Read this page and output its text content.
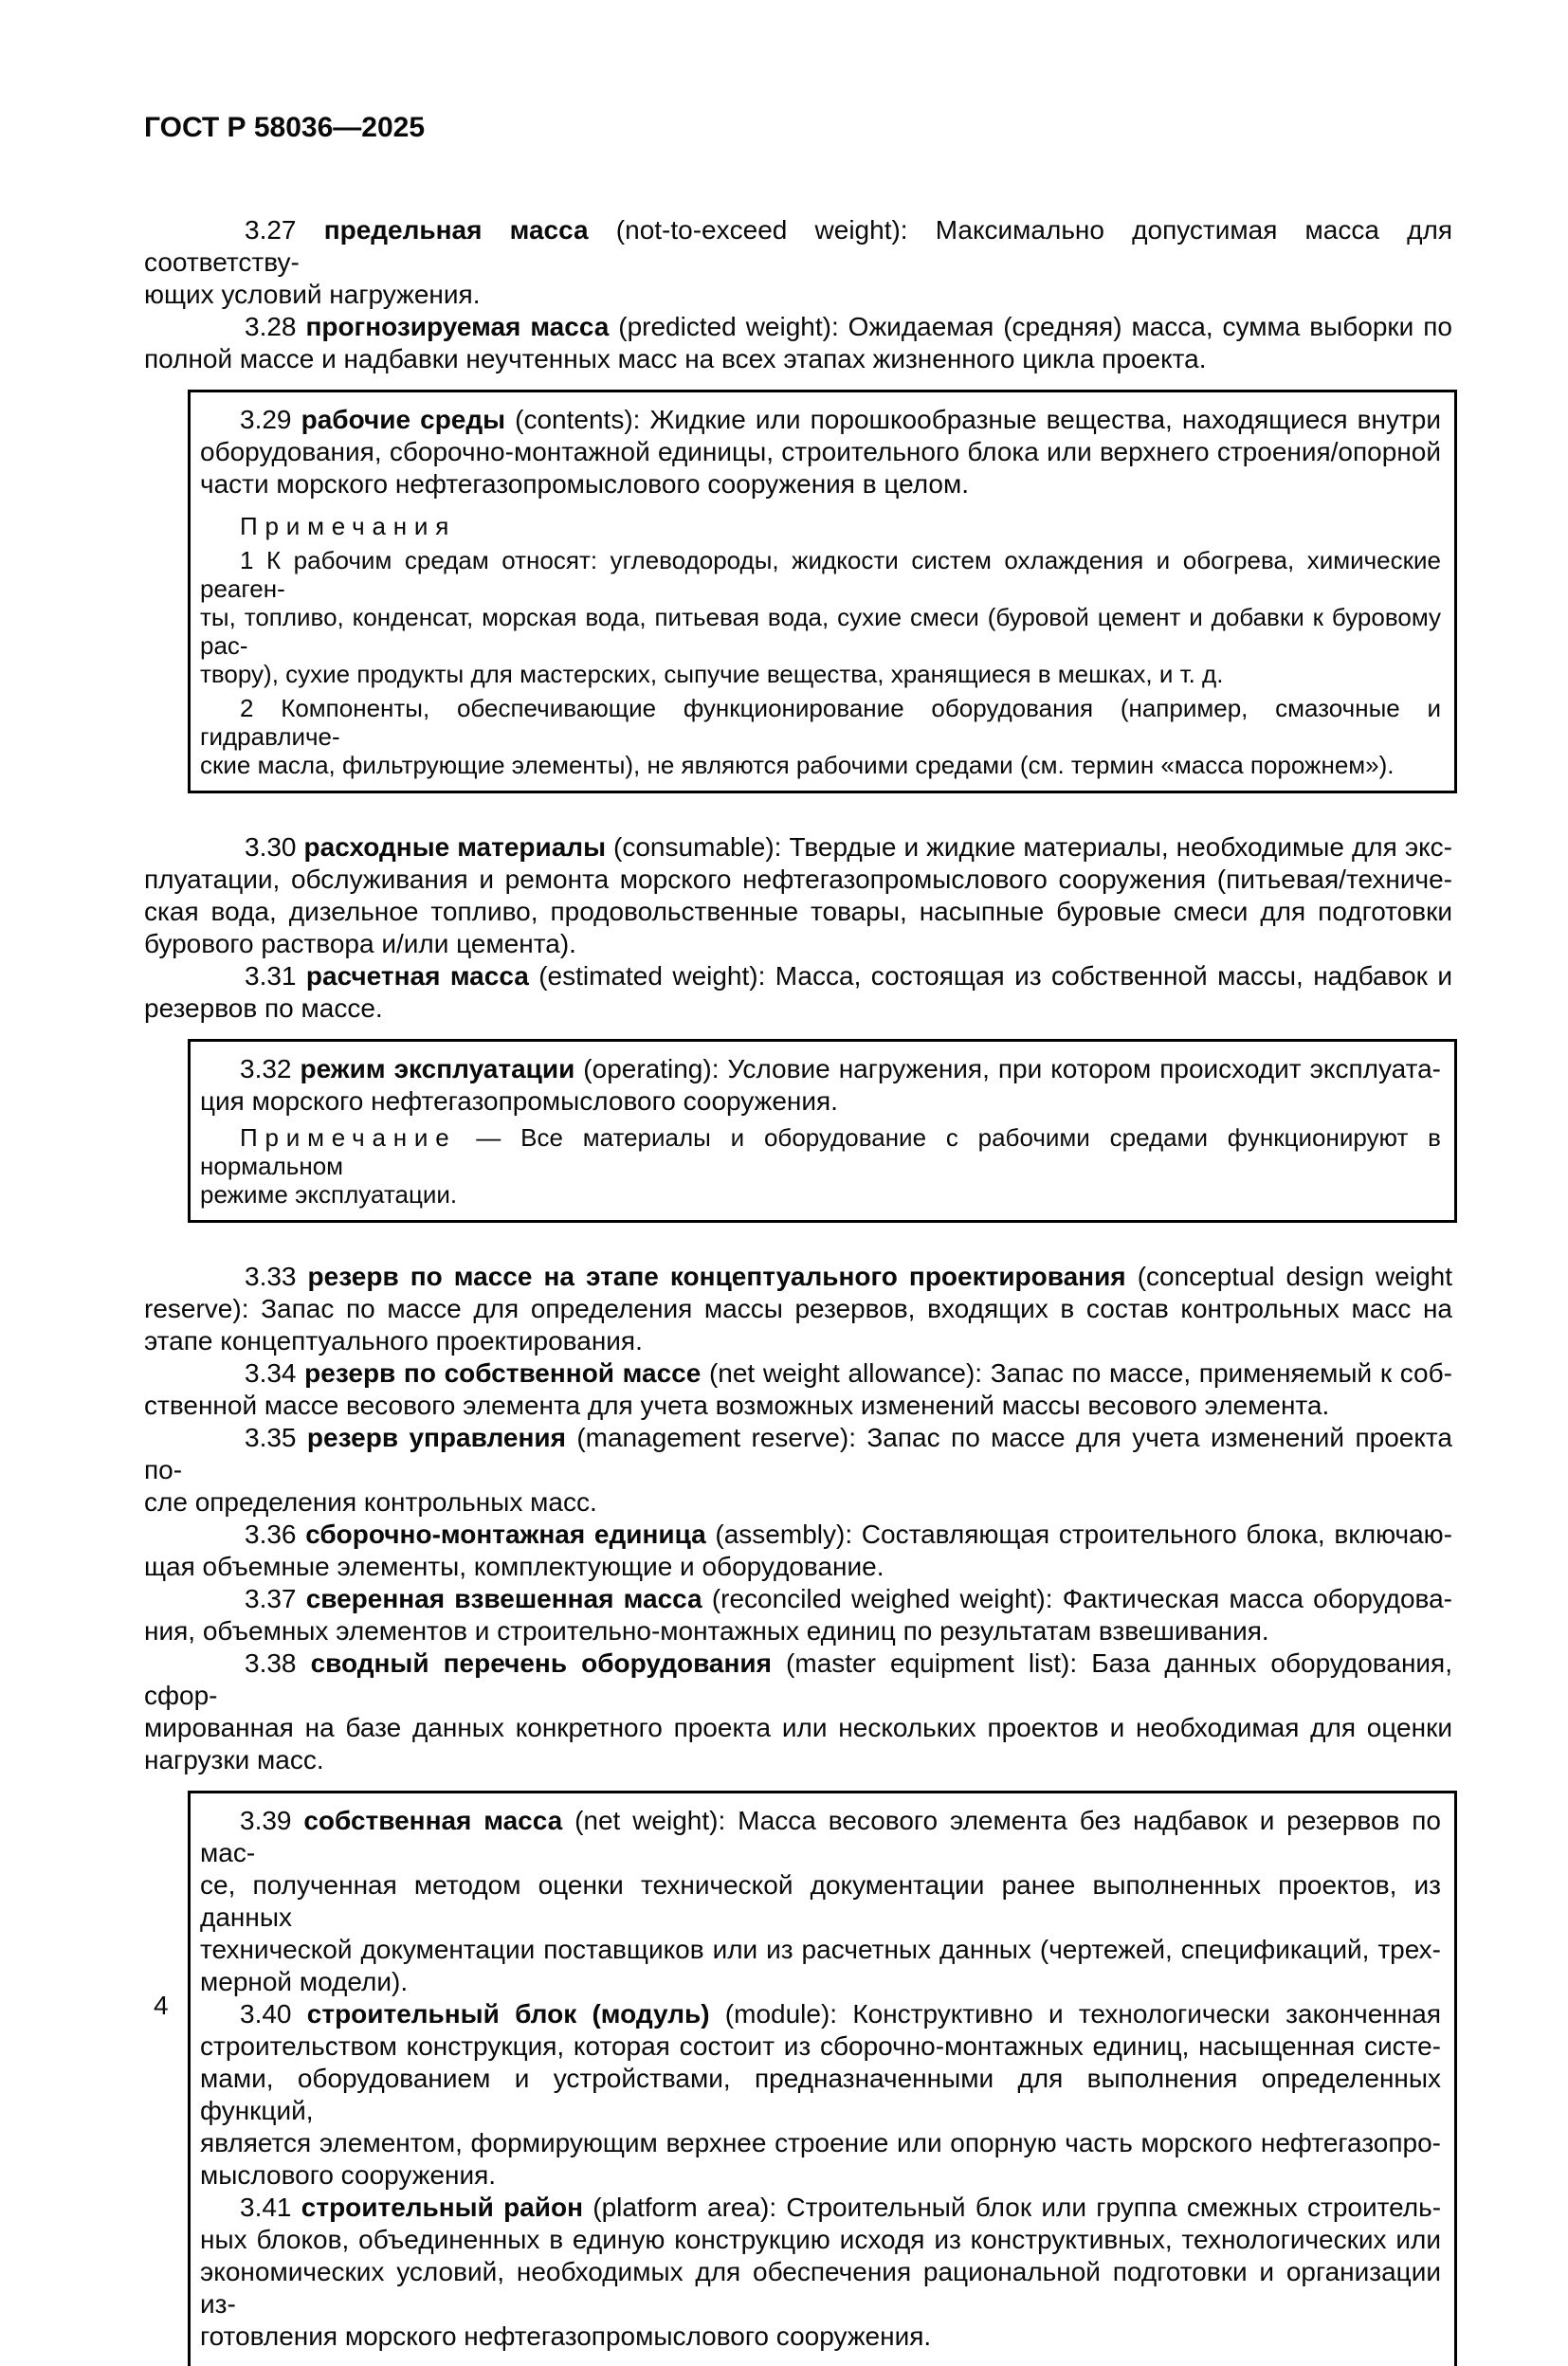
ГОСТ Р 58036—2025
3.27 предельная масса (not-to-exceed weight): Максимально допустимая масса для соответству-
ющих условий нагружения.
3.28 прогнозируемая масса (predicted weight): Ожидаемая (средняя) масса, сумма выборки по
полной массе и надбавки неучтенных масс на всех этапах жизненного цикла проекта.
3.29 рабочие среды (contents): Жидкие или порошкообразные вещества, находящиеся внутри
оборудования, сборочно-монтажной единицы, строительного блока или верхнего строения/опорной
части морского нефтегазопромыслового сооружения в целом.
Примечания
1 К рабочим средам относят: углеводороды, жидкости систем охлаждения и обогрева, химические реаген-
ты, топливо, конденсат, морская вода, питьевая вода, сухие смеси (буровой цемент и добавки к буровому рас-
твору), сухие продукты для мастерских, сыпучие вещества, хранящиеся в мешках, и т. д.
2 Компоненты, обеспечивающие функционирование оборудования (например, смазочные и гидравличе-
ские масла, фильтрующие элементы), не являются рабочими средами (см. термин «масса порожнем»).
3.30 расходные материалы (consumable): Твердые и жидкие материалы, необходимые для экс-
плуатации, обслуживания и ремонта морского нефтегазопромыслового сооружения (питьевая/техниче-
ская вода, дизельное топливо, продовольственные товары, насыпные буровые смеси для подготовки
бурового раствора и/или цемента).
3.31 расчетная масса (estimated weight): Масса, состоящая из собственной массы, надбавок и
резервов по массе.
3.32 режим эксплуатации (operating): Условие нагружения, при котором происходит эксплуата-
ция морского нефтегазопромыслового сооружения.
Примечание — Все материалы и оборудование с рабочими средами функционируют в нормальном
режиме эксплуатации.
3.33 резерв по массе на этапе концептуального проектирования (conceptual design weight
reserve): Запас по массе для определения массы резервов, входящих в состав контрольных масс на
этапе концептуального проектирования.
3.34 резерв по собственной массе (net weight allowance): Запас по массе, применяемый к соб-
ственной массе весового элемента для учета возможных изменений массы весового элемента.
3.35 резерв управления (management reserve): Запас по массе для учета изменений проекта по-
сле определения контрольных масс.
3.36 сборочно-монтажная единица (assembly): Составляющая строительного блока, включаю-
щая объемные элементы, комплектующие и оборудование.
3.37 сверенная взвешенная масса (reconciled weighed weight): Фактическая масса оборудова-
ния, объемных элементов и строительно-монтажных единиц по результатам взвешивания.
3.38 сводный перечень оборудования (master equipment list): База данных оборудования, сфор-
мированная на базе данных конкретного проекта или нескольких проектов и необходимая для оценки
нагрузки масс.
3.39 собственная масса (net weight): Масса весового элемента без надбавок и резервов по мас-
се, полученная методом оценки технической документации ранее выполненных проектов, из данных
технической документации поставщиков или из расчетных данных (чертежей, спецификаций, трех-
мерной модели).
3.40 строительный блок (модуль) (module): Конструктивно и технологически законченная
строительством конструкция, которая состоит из сборочно-монтажных единиц, насыщенная систе-
мами, оборудованием и устройствами, предназначенными для выполнения определенных функций,
является элементом, формирующим верхнее строение или опорную часть морского нефтегазопро-
мыслового сооружения.
3.41 строительный район (platform area): Строительный блок или группа смежных строитель-
ных блоков, объединенных в единую конструкцию исходя из конструктивных, технологических или
экономических условий, необходимых для обеспечения рациональной подготовки и организации из-
готовления морского нефтегазопромыслового сооружения.
4
